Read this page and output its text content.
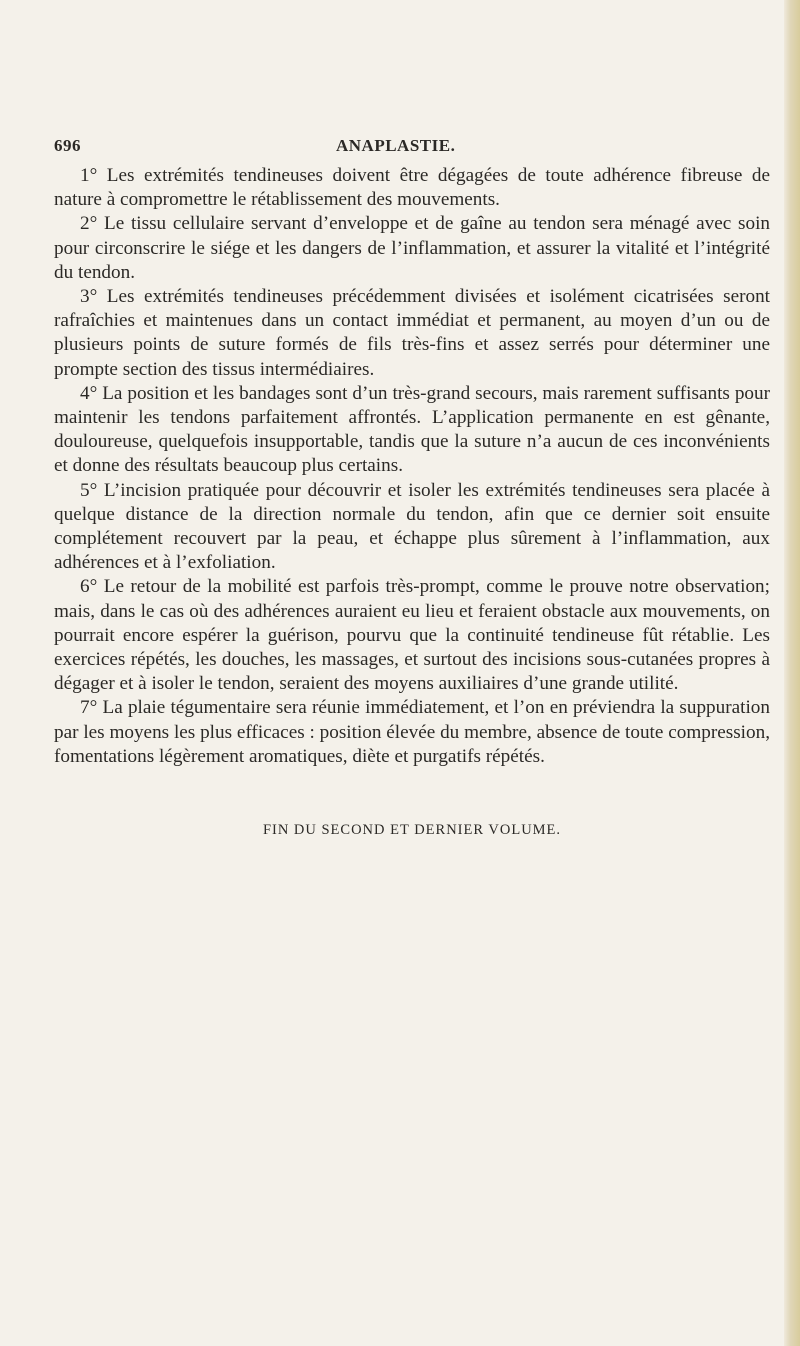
696	ANAPLASTIE.

1° Les extrémités tendineuses doivent être dégagées de toute adhérence fibreuse de nature à compromettre le rétablissement des mouvements.

2° Le tissu cellulaire servant d’enveloppe et de gaîne au tendon sera ménagé avec soin pour circonscrire le siége et les dangers de l’inflammation, et assurer la vitalité et l’intégrité du tendon.

3° Les extrémités tendineuses précédemment divisées et isolément cicatrisées seront rafraîchies et maintenues dans un contact immédiat et permanent, au moyen d’un ou de plusieurs points de suture formés de fils très-fins et assez serrés pour déterminer une prompte section des tissus intermédiaires.

4° La position et les bandages sont d’un très-grand secours, mais rarement suffisants pour maintenir les tendons parfaitement affrontés. L’application permanente en est gênante, douloureuse, quelquefois insupportable, tandis que la suture n’a aucun de ces inconvénients et donne des résultats beaucoup plus certains.

5° L’incision pratiquée pour découvrir et isoler les extrémités tendineuses sera placée à quelque distance de la direction normale du tendon, afin que ce dernier soit ensuite complétement recouvert par la peau, et échappe plus sûrement à l’inflammation, aux adhérences et à l’exfoliation.

6° Le retour de la mobilité est parfois très-prompt, comme le prouve notre observation; mais, dans le cas où des adhérences auraient eu lieu et feraient obstacle aux mouvements, on pourrait encore espérer la guérison, pourvu que la continuité tendineuse fût rétablie. Les exercices répétés, les douches, les massages, et surtout des incisions sous-cutanées propres à dégager et à isoler le tendon, seraient des moyens auxiliaires d’une grande utilité.

7° La plaie tégumentaire sera réunie immédiatement, et l’on en préviendra la suppuration par les moyens les plus efficaces : position élevée du membre, absence de toute compression, fomentations légèrement aromatiques, diète et purgatifs répétés.

FIN DU SECOND ET DERNIER VOLUME.
